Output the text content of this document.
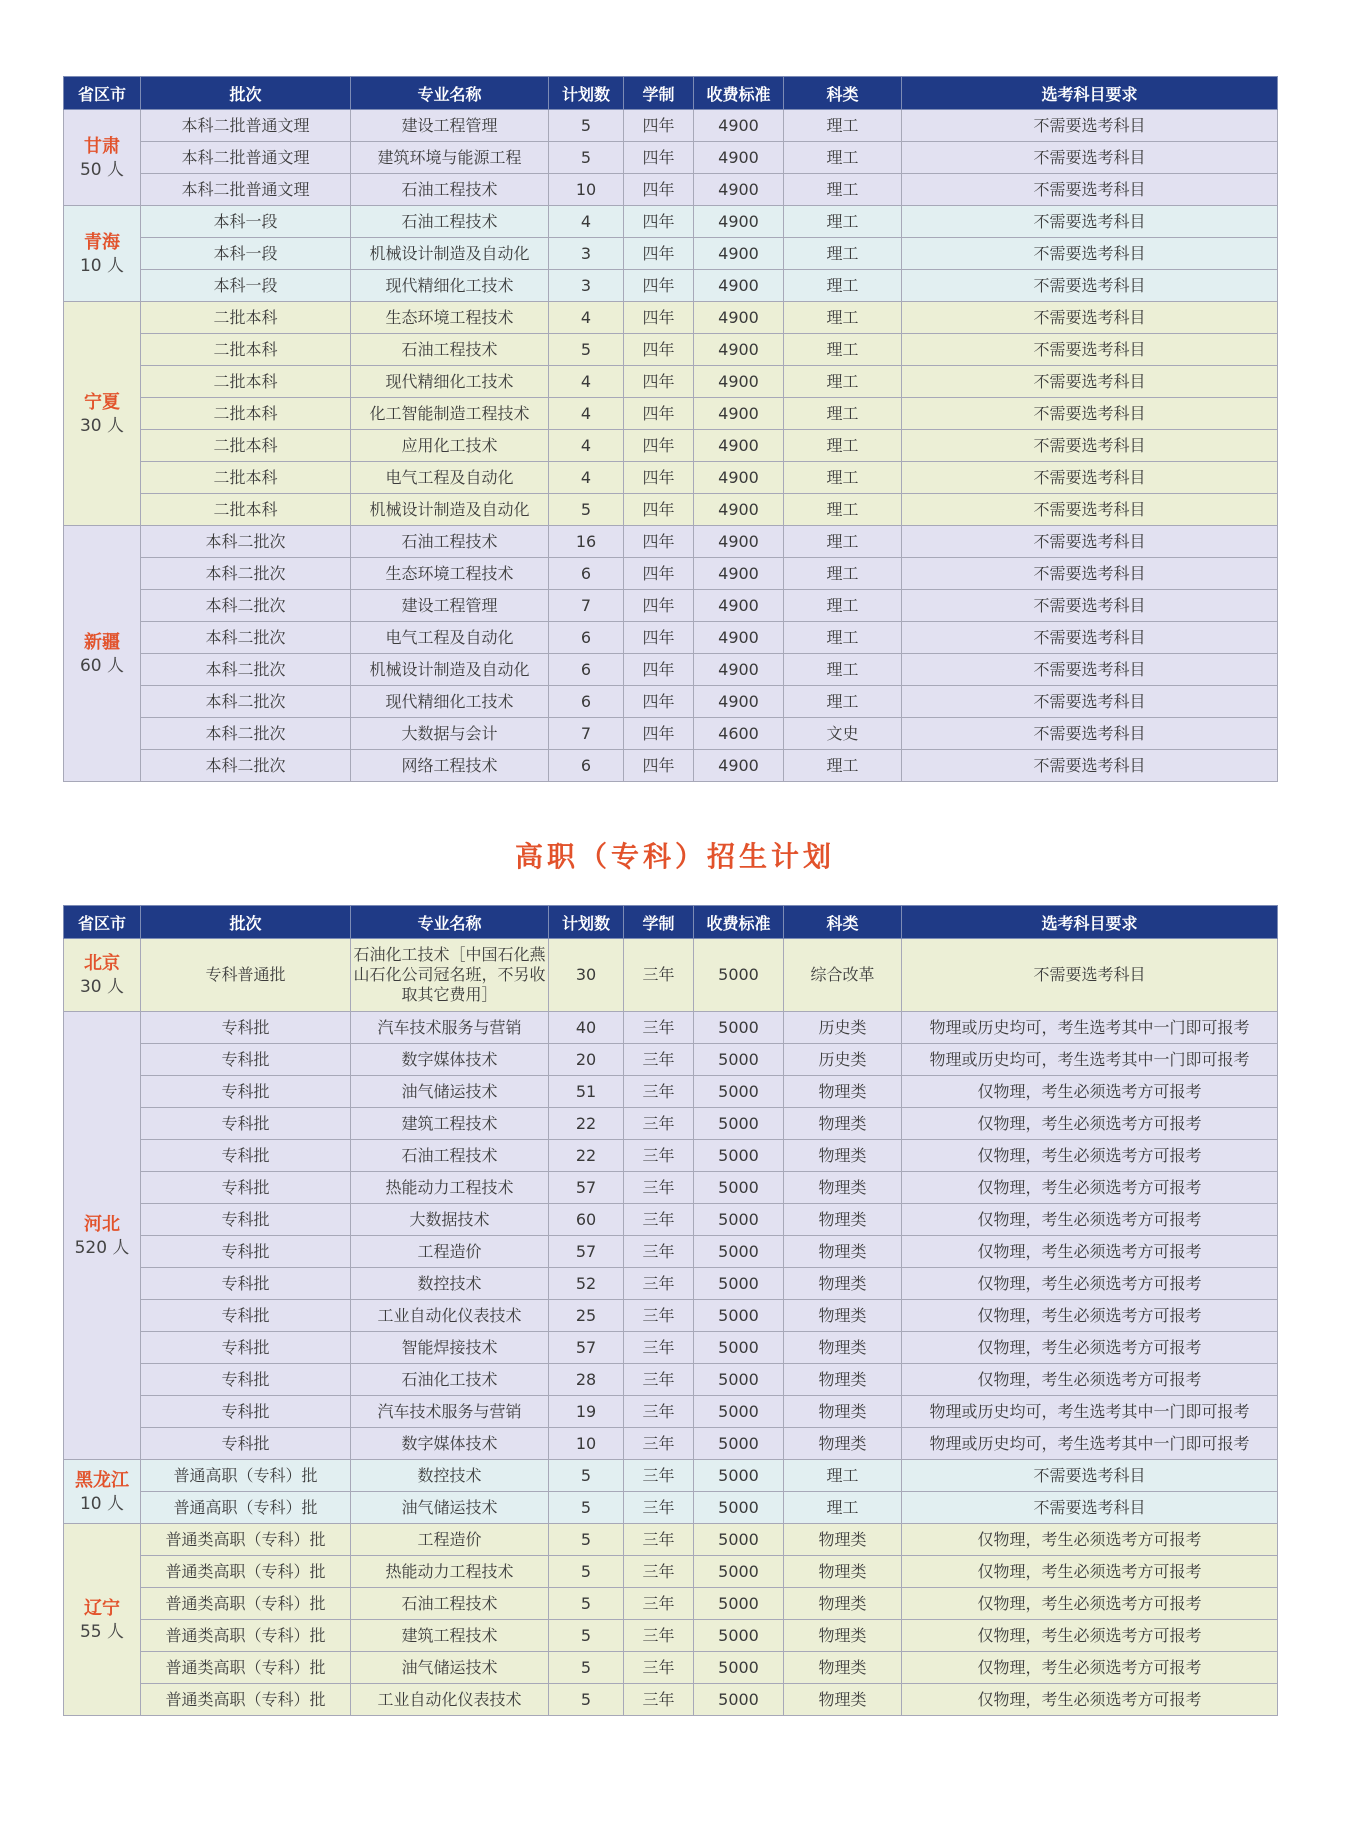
省区市	批次	专业名称	计划数	学制	收费标准	科类	选考科目要求

甘肃
50 人	本科二批普通文理	建设工程管理	5	四年	4900	理工	不需要选考科目
	本科二批普通文理	建筑环境与能源工程	5	四年	4900	理工	不需要选考科目
	本科二批普通文理	石油工程技术	10	四年	4900	理工	不需要选考科目

青海
10 人	本科一段	石油工程技术	4	四年	4900	理工	不需要选考科目
	本科一段	机械设计制造及自动化	3	四年	4900	理工	不需要选考科目
	本科一段	现代精细化工技术	3	四年	4900	理工	不需要选考科目

宁夏
30 人	二批本科	生态环境工程技术	4	四年	4900	理工	不需要选考科目
	二批本科	石油工程技术	5	四年	4900	理工	不需要选考科目
	二批本科	现代精细化工技术	4	四年	4900	理工	不需要选考科目
	二批本科	化工智能制造工程技术	4	四年	4900	理工	不需要选考科目
	二批本科	应用化工技术	4	四年	4900	理工	不需要选考科目
	二批本科	电气工程及自动化	4	四年	4900	理工	不需要选考科目
	二批本科	机械设计制造及自动化	5	四年	4900	理工	不需要选考科目

新疆
60 人	本科二批次	石油工程技术	16	四年	4900	理工	不需要选考科目
	本科二批次	生态环境工程技术	6	四年	4900	理工	不需要选考科目
	本科二批次	建设工程管理	7	四年	4900	理工	不需要选考科目
	本科二批次	电气工程及自动化	6	四年	4900	理工	不需要选考科目
	本科二批次	机械设计制造及自动化	6	四年	4900	理工	不需要选考科目
	本科二批次	现代精细化工技术	6	四年	4900	理工	不需要选考科目
	本科二批次	大数据与会计	7	四年	4600	文史	不需要选考科目
	本科二批次	网络工程技术	6	四年	4900	理工	不需要选考科目
高职（专科）招生计划
省区市	批次	专业名称	计划数	学制	收费标准	科类	选考科目要求

北京
30 人	专科普通批	石油化工技术［中国石化燕山石化公司冠名班，不另收取其它费用］	30	三年	5000	综合改革	不需要选考科目

河北
520 人	专科批	汽车技术服务与营销	40	三年	5000	历史类	物理或历史均可，考生选考其中一门即可报考
	专科批	数字媒体技术	20	三年	5000	历史类	物理或历史均可，考生选考其中一门即可报考
	专科批	油气储运技术	51	三年	5000	物理类	仅物理，考生必须选考方可报考
	专科批	建筑工程技术	22	三年	5000	物理类	仅物理，考生必须选考方可报考
	专科批	石油工程技术	22	三年	5000	物理类	仅物理，考生必须选考方可报考
	专科批	热能动力工程技术	57	三年	5000	物理类	仅物理，考生必须选考方可报考
	专科批	大数据技术	60	三年	5000	物理类	仅物理，考生必须选考方可报考
	专科批	工程造价	57	三年	5000	物理类	仅物理，考生必须选考方可报考
	专科批	数控技术	52	三年	5000	物理类	仅物理，考生必须选考方可报考
	专科批	工业自动化仪表技术	25	三年	5000	物理类	仅物理，考生必须选考方可报考
	专科批	智能焊接技术	57	三年	5000	物理类	仅物理，考生必须选考方可报考
	专科批	石油化工技术	28	三年	5000	物理类	仅物理，考生必须选考方可报考
	专科批	汽车技术服务与营销	19	三年	5000	物理类	物理或历史均可，考生选考其中一门即可报考
	专科批	数字媒体技术	10	三年	5000	物理类	物理或历史均可，考生选考其中一门即可报考

黑龙江
10 人	普通高职（专科）批	数控技术	5	三年	5000	理工	不需要选考科目
	普通高职（专科）批	油气储运技术	5	三年	5000	理工	不需要选考科目

辽宁
55 人	普通类高职（专科）批	工程造价	5	三年	5000	物理类	仅物理，考生必须选考方可报考
	普通类高职（专科）批	热能动力工程技术	5	三年	5000	物理类	仅物理，考生必须选考方可报考
	普通类高职（专科）批	石油工程技术	5	三年	5000	物理类	仅物理，考生必须选考方可报考
	普通类高职（专科）批	建筑工程技术	5	三年	5000	物理类	仅物理，考生必须选考方可报考
	普通类高职（专科）批	油气储运技术	5	三年	5000	物理类	仅物理，考生必须选考方可报考
	普通类高职（专科）批	工业自动化仪表技术	5	三年	5000	物理类	仅物理，考生必须选考方可报考
